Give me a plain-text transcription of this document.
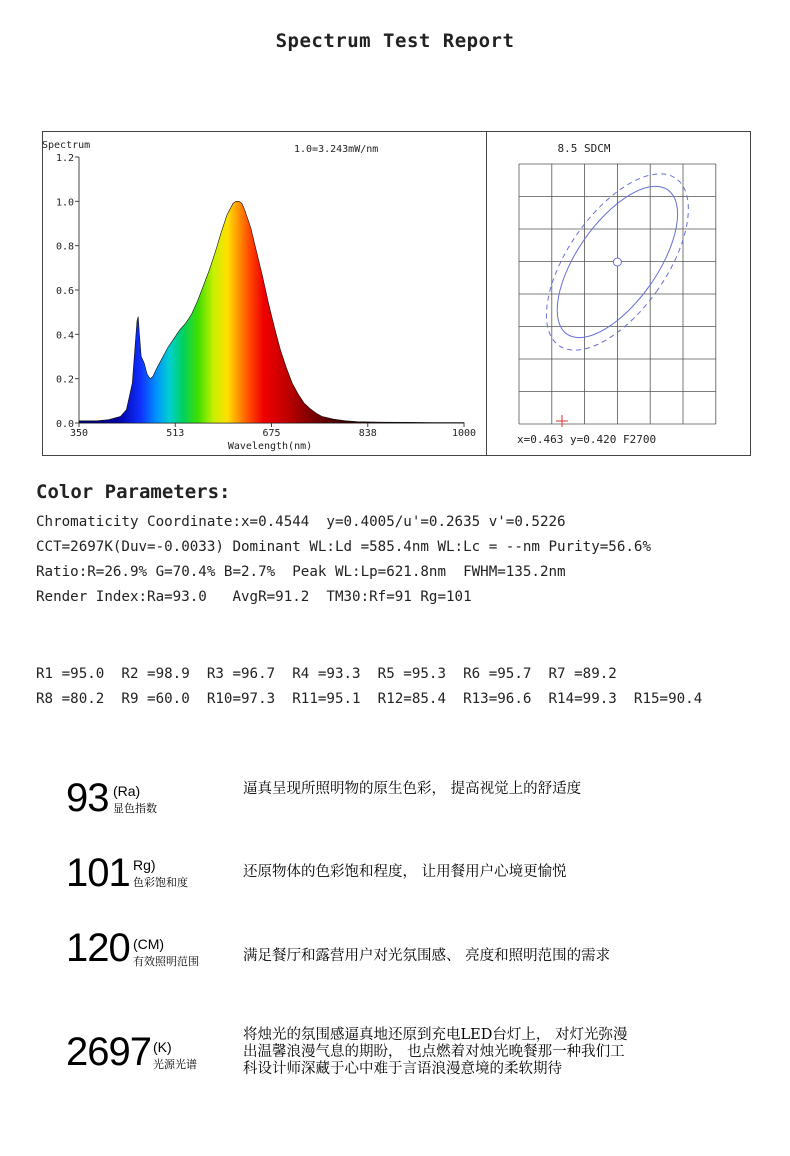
Spectrum Test Report
Spectrum	1.0=3.243mW/nm
Wavelength(nm)
350	513	675	838	1000
0.0
0.2
0.4
0.6
0.8
1.0
1.2
8.5 SDCM
x=0.463 y=0.420 F2700
Color Parameters:
Chromaticity Coordinate:x=0.4544  y=0.4005/u'=0.2635 v'=0.5226
CCT=2697K(Duv=-0.0033) Dominant WL:Ld =585.4nm WL:Lc = --nm Purity=56.6%
Ratio:R=26.9% G=70.4% B=2.7%  Peak WL:Lp=621.8nm  FWHM=135.2nm
Render Index:Ra=93.0   AvgR=91.2  TM30:Rf=91 Rg=101
R1 =95.0  R2 =98.9  R3 =96.7  R4 =93.3  R5 =95.3  R6 =95.7  R7 =89.2
R8 =80.2  R9 =60.0  R10=97.3  R11=95.1  R12=85.4  R13=96.6  R14=99.3  R15=90.4
93 (Ra)
显色指数
逼真呈现所照明物的原生色彩， 提高视觉上的舒适度
101 Rg)
色彩饱和度
还原物体的色彩饱和程度， 让用餐用户心境更愉悦
120 (CM)
有效照明范围	满足餐厅和露营用户对光氛围感、 亮度和照明范围的需求
2697 (K)
光源光谱
将烛光的氛围感逼真地还原到充电LED台灯上， 对灯光弥漫
出温馨浪漫气息的期盼， 也点燃着对烛光晚餐那一种我们工
科设计师深藏于心中难于言语浪漫意境的柔软期待
